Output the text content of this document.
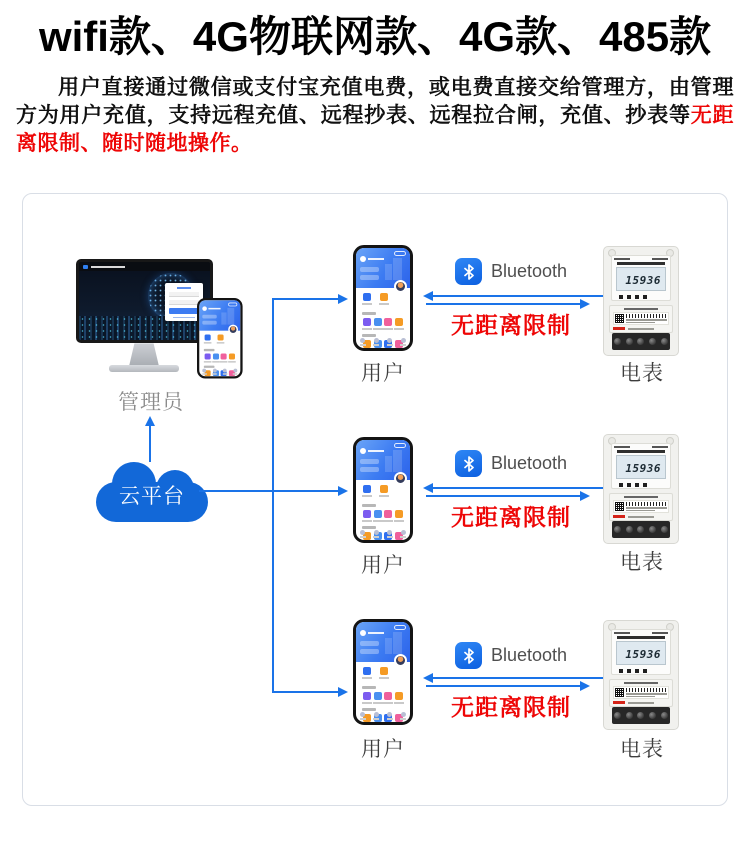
wifi款、4G物联网款、4G款、485款

用户直接通过微信或支付宝充值电费，或电费直接交给管理方，由管理方为用户充值，支持远程充值、远程抄表、远程拉合闸，充值、抄表等无距离限制、随时随地操作。

管理员
云平台
用户
Bluetooth
无距离限制
15936
电表
用户
Bluetooth
无距离限制
15936
电表
用户
Bluetooth
无距离限制
15936
电表
